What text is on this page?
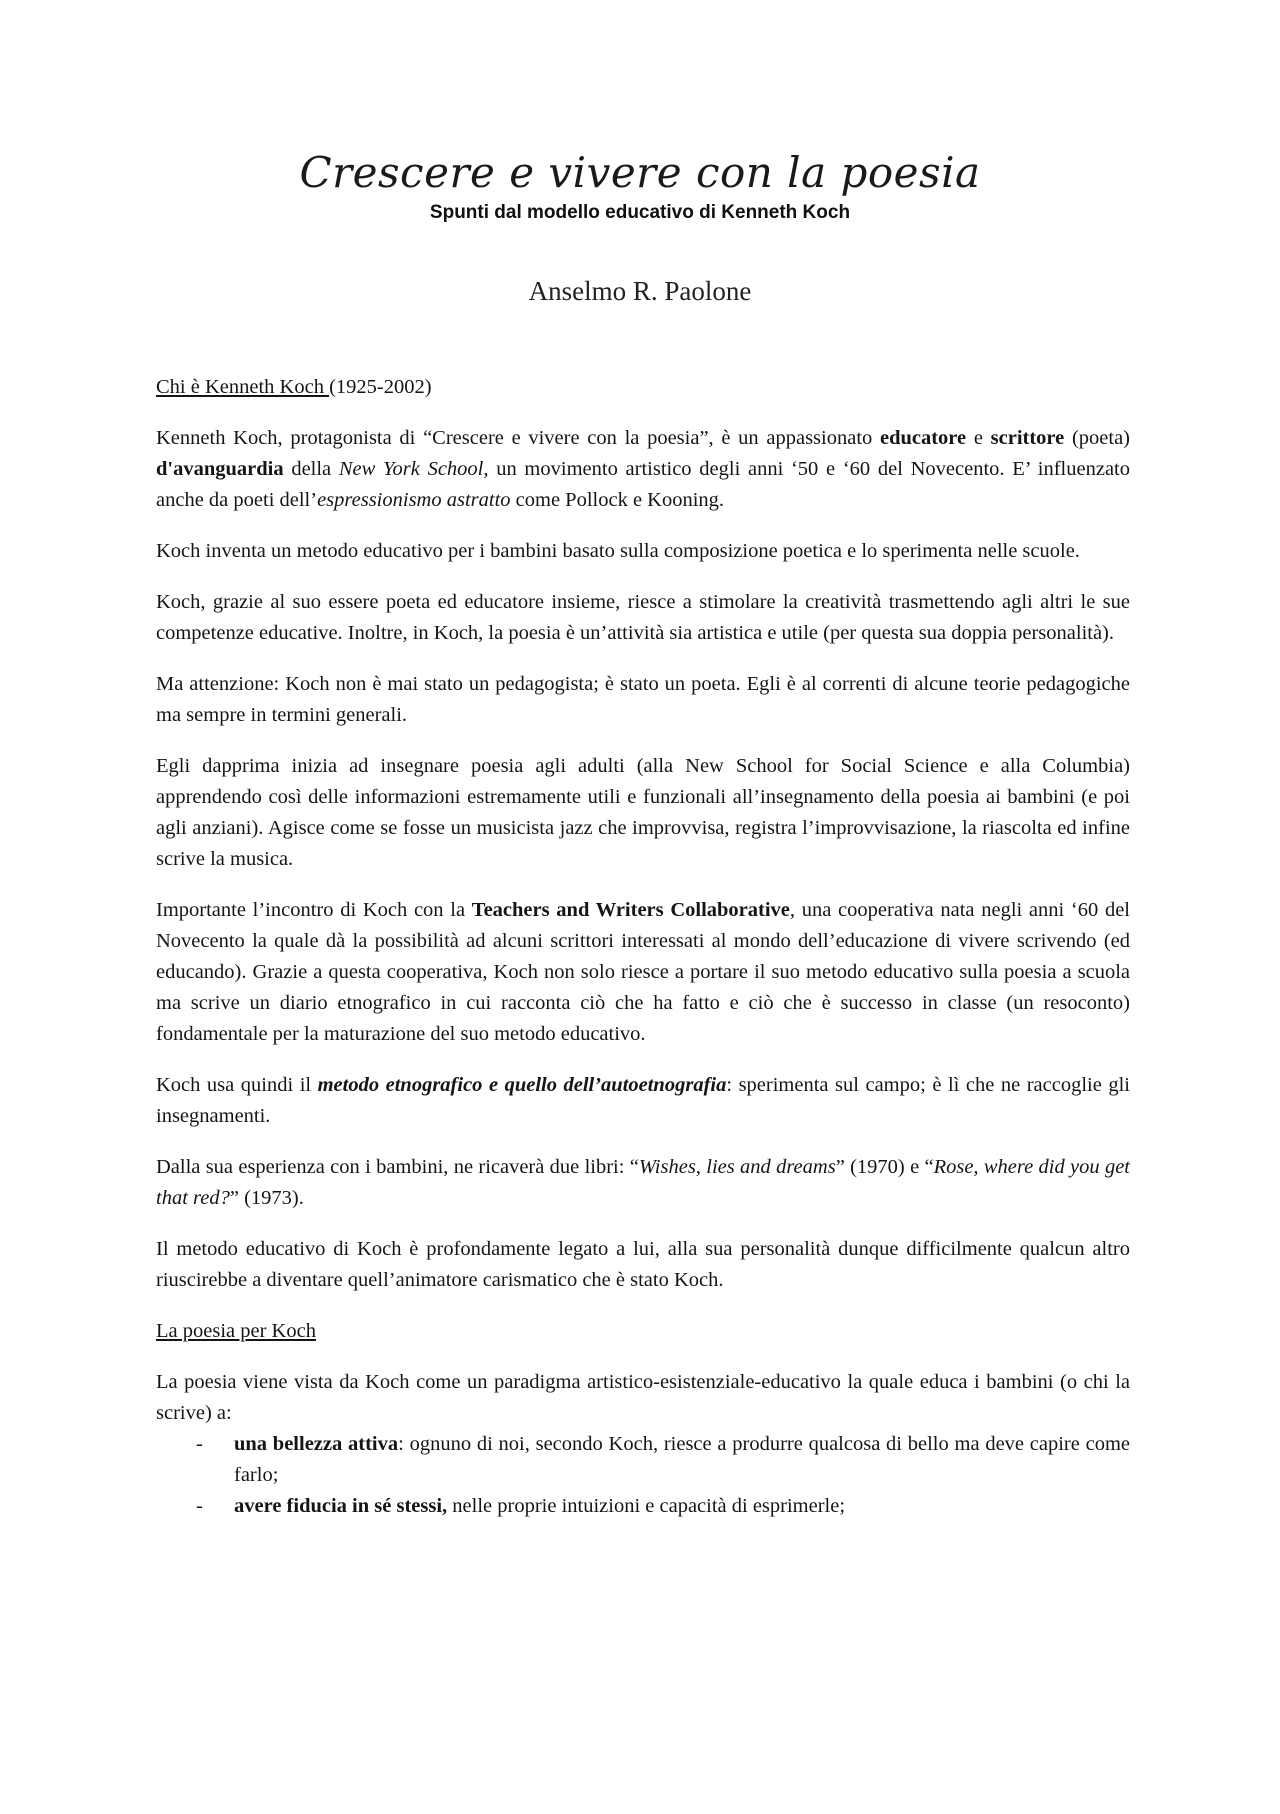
Crescere e vivere con la poesia
Spunti dal modello educativo di Kenneth Koch
Anselmo R. Paolone
Chi è Kenneth Koch (1925-2002)

Kenneth Koch, protagonista di “Crescere e vivere con la poesia”, è un appassionato educatore e scrittore (poeta) d'avanguardia della New York School, un movimento artistico degli anni ‘50 e ‘60 del Novecento. E’ influenzato anche da poeti dell’espressionismo astratto come Pollock e Kooning.

Koch inventa un metodo educativo per i bambini basato sulla composizione poetica e lo sperimenta nelle scuole.

Koch, grazie al suo essere poeta ed educatore insieme, riesce a stimolare la creatività trasmettendo agli altri le sue competenze educative. Inoltre, in Koch, la poesia è un’attività sia artistica e utile (per questa sua doppia personalità).

Ma attenzione: Koch non è mai stato un pedagogista; è stato un poeta. Egli è al correnti di alcune teorie pedagogiche ma sempre in termini generali.

Egli dapprima inizia ad insegnare poesia agli adulti (alla New School for Social Science e alla Columbia) apprendendo così delle informazioni estremamente utili e funzionali all’insegnamento della poesia ai bambini (e poi agli anziani). Agisce come se fosse un musicista jazz che improvvisa, registra l’improvvisazione, la riascolta ed infine scrive la musica.

Importante l’incontro di Koch con la Teachers and Writers Collaborative, una cooperativa nata negli anni ‘60 del Novecento la quale dà la possibilità ad alcuni scrittori interessati al mondo dell’educazione di vivere scrivendo (ed educando). Grazie a questa cooperativa, Koch non solo riesce a portare il suo metodo educativo sulla poesia a scuola ma scrive un diario etnografico in cui racconta ciò che ha fatto e ciò che è successo in classe (un resoconto) fondamentale per la maturazione del suo metodo educativo.

Koch usa quindi il metodo etnografico e quello dell’autoetnografia: sperimenta sul campo; è lì che ne raccoglie gli insegnamenti.

Dalla sua esperienza con i bambini, ne ricaverà due libri: “Wishes, lies and dreams” (1970) e “Rose, where did you get that red?” (1973).

Il metodo educativo di Koch è profondamente legato a lui, alla sua personalità dunque difficilmente qualcun altro riuscirebbe a diventare quell’animatore carismatico che è stato Koch.

La poesia per Koch

La poesia viene vista da Koch come un paradigma artistico-esistenziale-educativo la quale educa i bambini (o chi la scrive) a:

- una bellezza attiva: ognuno di noi, secondo Koch, riesce a produrre qualcosa di bello ma deve capire come farlo;
- avere fiducia in sé stessi, nelle proprie intuizioni e capacità di esprimerle;
